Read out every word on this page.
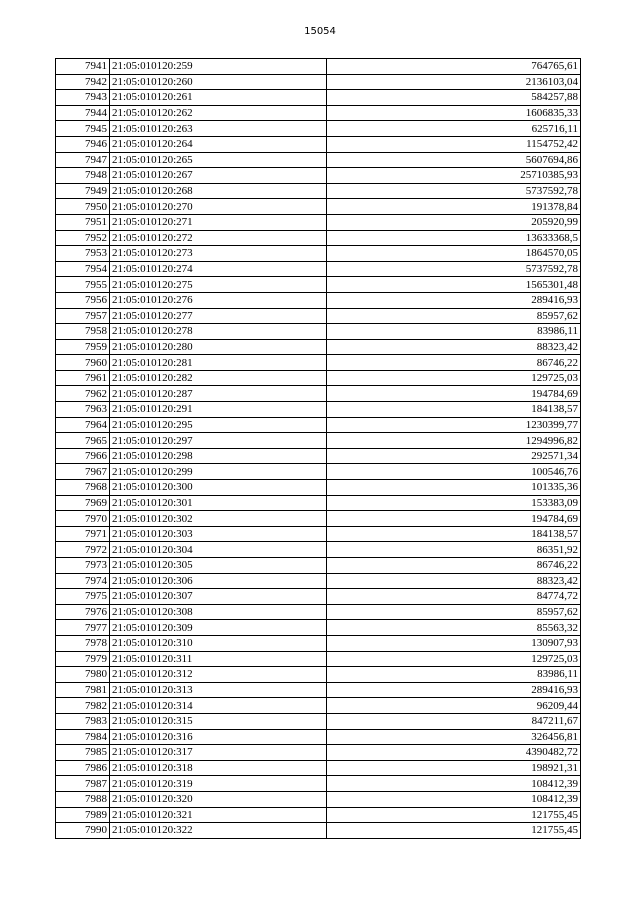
15054
7941	21:05:010120:259	764765,61
7942	21:05:010120:260	2136103,04
7943	21:05:010120:261	584257,88
7944	21:05:010120:262	1606835,33
7945	21:05:010120:263	625716,11
7946	21:05:010120:264	1154752,42
7947	21:05:010120:265	5607694,86
7948	21:05:010120:267	25710385,93
7949	21:05:010120:268	5737592,78
7950	21:05:010120:270	191378,84
7951	21:05:010120:271	205920,99
7952	21:05:010120:272	13633368,5
7953	21:05:010120:273	1864570,05
7954	21:05:010120:274	5737592,78
7955	21:05:010120:275	1565301,48
7956	21:05:010120:276	289416,93
7957	21:05:010120:277	85957,62
7958	21:05:010120:278	83986,11
7959	21:05:010120:280	88323,42
7960	21:05:010120:281	86746,22
7961	21:05:010120:282	129725,03
7962	21:05:010120:287	194784,69
7963	21:05:010120:291	184138,57
7964	21:05:010120:295	1230399,77
7965	21:05:010120:297	1294996,82
7966	21:05:010120:298	292571,34
7967	21:05:010120:299	100546,76
7968	21:05:010120:300	101335,36
7969	21:05:010120:301	153383,09
7970	21:05:010120:302	194784,69
7971	21:05:010120:303	184138,57
7972	21:05:010120:304	86351,92
7973	21:05:010120:305	86746,22
7974	21:05:010120:306	88323,42
7975	21:05:010120:307	84774,72
7976	21:05:010120:308	85957,62
7977	21:05:010120:309	85563,32
7978	21:05:010120:310	130907,93
7979	21:05:010120:311	129725,03
7980	21:05:010120:312	83986,11
7981	21:05:010120:313	289416,93
7982	21:05:010120:314	96209,44
7983	21:05:010120:315	847211,67
7984	21:05:010120:316	326456,81
7985	21:05:010120:317	4390482,72
7986	21:05:010120:318	198921,31
7987	21:05:010120:319	108412,39
7988	21:05:010120:320	108412,39
7989	21:05:010120:321	121755,45
7990	21:05:010120:322	121755,45
